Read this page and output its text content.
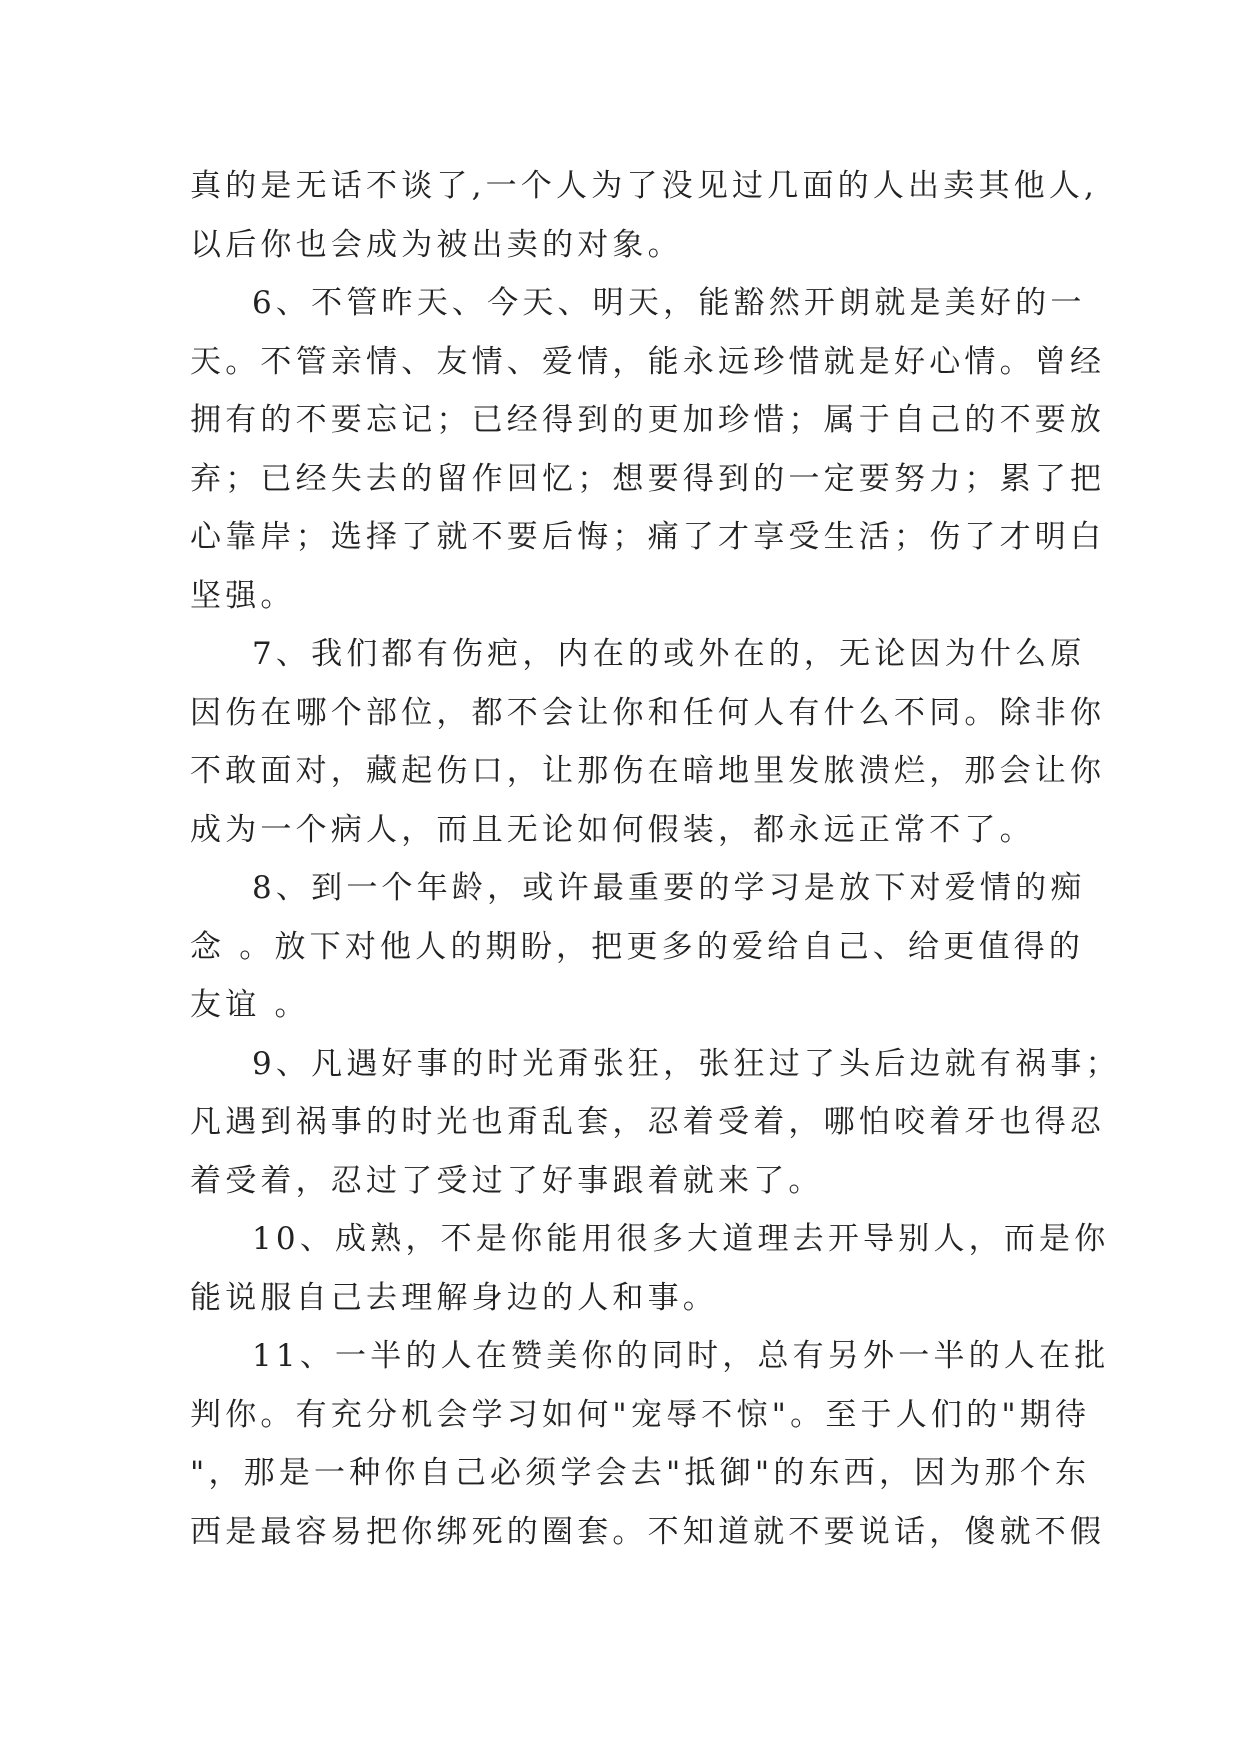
真的是无话不谈了,一个人为了没见过几面的人出卖其他人,
以后你也会成为被出卖的对象。
6、不管昨天、今天、明天，能豁然开朗就是美好的一
天。不管亲情、友情、爱情，能永远珍惜就是好心情。曾经
拥有的不要忘记；已经得到的更加珍惜；属于自己的不要放
弃；已经失去的留作回忆；想要得到的一定要努力；累了把
心靠岸；选择了就不要后悔；痛了才享受生活；伤了才明白
坚强。
7、我们都有伤疤，内在的或外在的，无论因为什么原
因伤在哪个部位，都不会让你和任何人有什么不同。除非你
不敢面对，藏起伤口，让那伤在暗地里发脓溃烂，那会让你
成为一个病人，而且无论如何假装，都永远正常不了。
8、到一个年龄，或许最重要的学习是放下对爱情的痴
念 。放下对他人的期盼，把更多的爱给自己、给更值得的
友谊 。
9、凡遇好事的时光甭张狂，张狂过了头后边就有祸事；
凡遇到祸事的时光也甭乱套，忍着受着，哪怕咬着牙也得忍
着受着，忍过了受过了好事跟着就来了。
10、成熟，不是你能用很多大道理去开导别人，而是你
能说服自己去理解身边的人和事。
11、一半的人在赞美你的同时，总有另外一半的人在批
判你。有充分机会学习如何"宠辱不惊"。至于人们的"期待
"，那是一种你自己必须学会去"抵御"的东西，因为那个东
西是最容易把你绑死的圈套。不知道就不要说话，傻就不假
